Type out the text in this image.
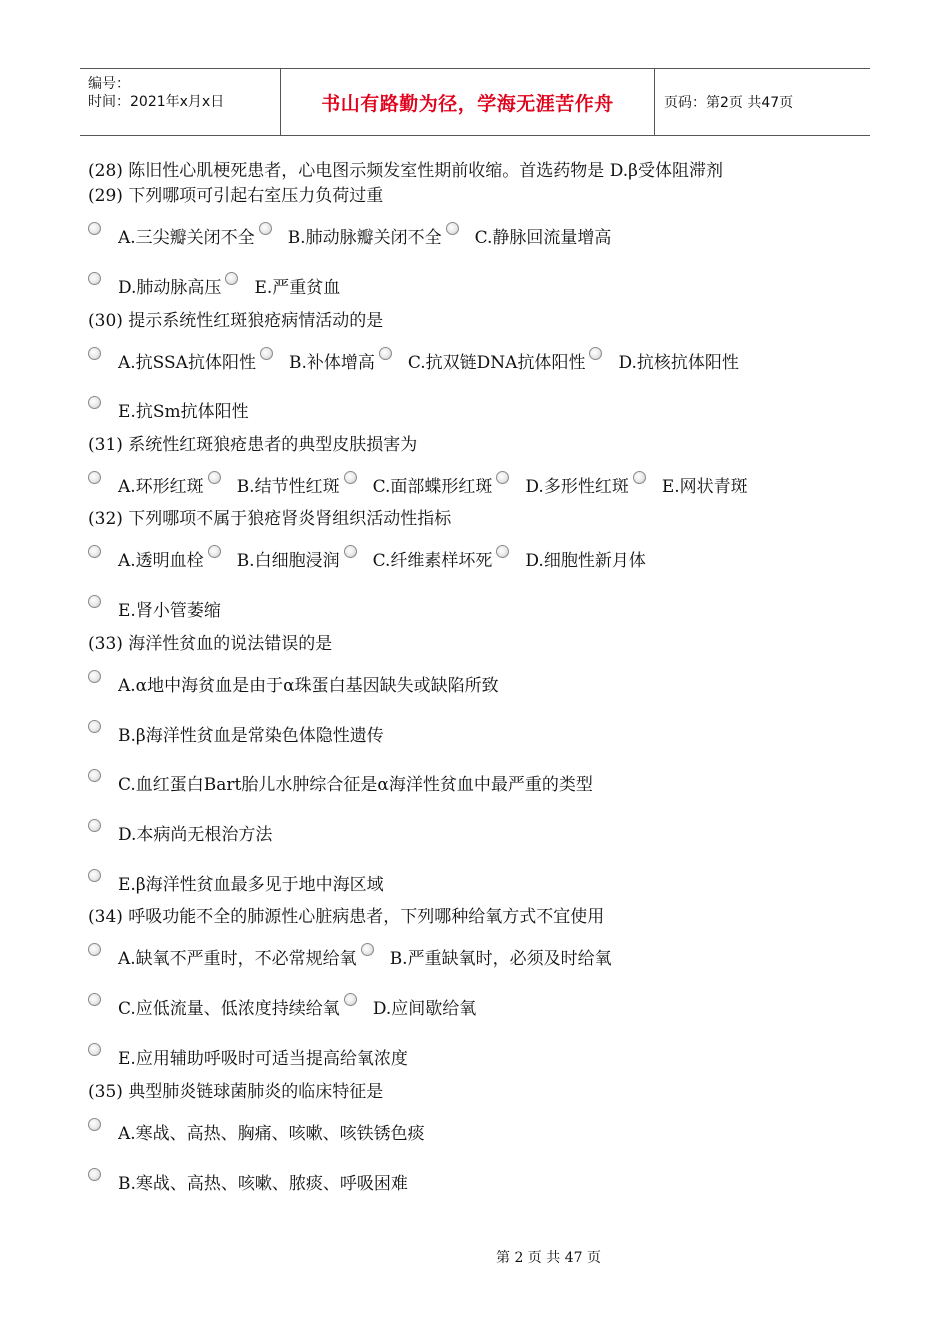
编号：
时间：2021年x月x日	书山有路勤为径，学海无涯苦作舟	页码：第2页 共47页
(28) 陈旧性心肌梗死患者，心电图示频发室性期前收缩。首选药物是 D.β受体阻滞剂
(29) 下列哪项可引起右室压力负荷过重
A.三尖瓣关闭不全 B.肺动脉瓣关闭不全 C.静脉回流量增高
D.肺动脉高压 E.严重贫血
(30) 提示系统性红斑狼疮病情活动的是
A.抗SSA抗体阳性 B.补体增高 C.抗双链DNA抗体阳性 D.抗核抗体阳性
E.抗Sm抗体阳性
(31) 系统性红斑狼疮患者的典型皮肤损害为
A.环形红斑 B.结节性红斑 C.面部蝶形红斑 D.多形性红斑 E.网状青斑
(32) 下列哪项不属于狼疮肾炎肾组织活动性指标
A.透明血栓 B.白细胞浸润 C.纤维素样坏死 D.细胞性新月体
E.肾小管萎缩
(33) 海洋性贫血的说法错误的是
A.α地中海贫血是由于α珠蛋白基因缺失或缺陷所致
B.β海洋性贫血是常染色体隐性遗传
C.血红蛋白Bart胎儿水肿综合征是α海洋性贫血中最严重的类型
D.本病尚无根治方法
E.β海洋性贫血最多见于地中海区域
(34) 呼吸功能不全的肺源性心脏病患者，下列哪种给氧方式不宜使用
A.缺氧不严重时，不必常规给氧 B.严重缺氧时，必须及时给氧
C.应低流量、低浓度持续给氧 D.应间歇给氧
E.应用辅助呼吸时可适当提高给氧浓度
(35) 典型肺炎链球菌肺炎的临床特征是
A.寒战、高热、胸痛、咳嗽、咳铁锈色痰
B.寒战、高热、咳嗽、脓痰、呼吸困难
第 2 页 共 47 页
